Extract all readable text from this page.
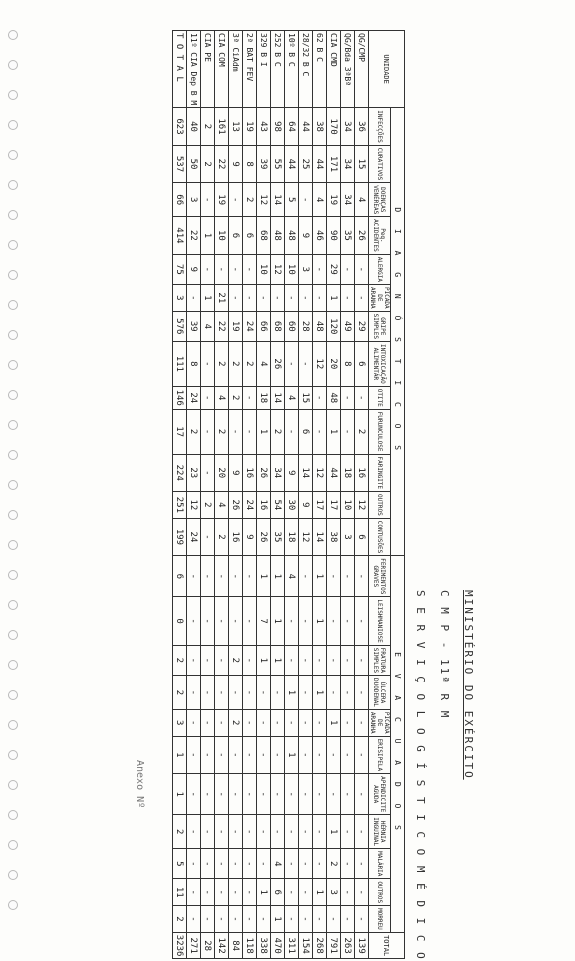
MINISTÉRIO DO EXÉRCITO
C M P - 11ª R M
S E R V I Ç O L O G Í S T I C O M É D I C O
Anexo Nº
UNIDADE	D I A G N Ó S T I C O S													E V A C U A D O S											TOTAL
	INFECÇÕES	CURATIVOS	DOENÇAS VENÉREAS	Peq. ACIDENTES	ALERGIA	PICADA DE ARANHA	GRIPE SIMPLES	INTOXICAÇÃO ALIMENTAR	OTITE	FURUNCULOSE	FARINGITE	OUTROS	CONTUSÕES	FERIMENTOS GRAVES	LEISHMANIOSE	FRATURA SIMPLES	ÚLCERA DUODENAL	PICADA DE ARANHA	ERISIPELA	APENDICITE AGUDA	HÉRNIA INGUINAL	MALÁRIA	OUTROS	MORREU	
QG/CMP	36	15	4	26	-	-	29	6	-	2	16	12	6	-	-	-	-	-	-	-	-	-	-	-	139
QG/Bda 3ªBª	34	34	34	35	-	-	49	8	-	-	18	10	3	-	-	-	-	-	-	-	-	-	-	-	263
CIA CMD	170	171	19	90	29	1	120	20	48	1	44	17	38	-	-	-	-	1	-	-	1	2	3	-	791
62 B C	38	44	4	46	-	-	48	12	-	-	12	17	14	1	1	-	1	-	-	-	-	-	1	-	268
28/32 B C	44	25	-	9	3	-	28	-	15	6	14	9	12	-	-	-	-	-	-	-	-	-	-	-	154
10º B C	64	44	5	48	10	-	60	-	4	-	9	30	18	4	-	-	1	-	1	-	-	-	-	-	311
252 B C	98	55	14	48	12	-	68	26	14	2	34	54	35	1	1	1	-	-	-	-	-	4	6	1	470
329 B I	43	39	12	68	10	-	66	4	18	1	26	16	26	1	7	1	-	-	-	-	-	-	1	-	338
2ª BAT FEV	19	8	2	6	-	-	24	2	-	-	16	24	9	-	-	-	-	-	-	-	-	-	-	-	118
3ª CiAdm	13	9	-	6	-	-	19	2	2	-	9	26	16	-	-	2	-	2	-	-	-	-	-	-	84
CIA COM	161	22	19	10	-	21	22	2	4	2	20	4	2	-	-	-	-	-	-	-	-	-	-	-	142
CIA PE	2	2	-	1	-	1	4	-	-	-	-	2	-	-	-	-	-	-	-	-	-	-	-	-	28
11º CIA Dep B M	40	50	3	22	9	-	39	8	24	2	23	12	24	-	-	-	-	-	-	-	-	-	-	-	271
T O T A L	623	537	66	414	75	3	576	111	146	17	224	251	199	6	0	2	2	3	1	1	2	5	11	2	3236
